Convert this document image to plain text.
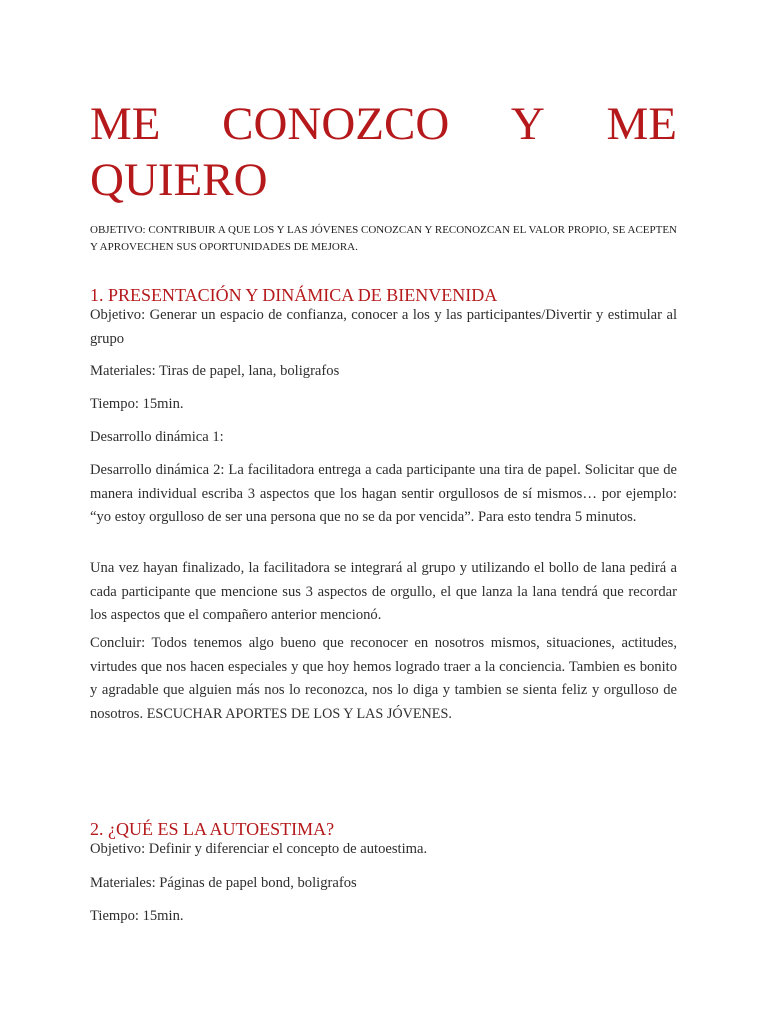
ME CONOZCO Y ME
QUIERO

OBJETIVO: CONTRIBUIR A QUE LOS Y LAS JÓVENES CONOZCAN Y RECONOZCAN EL VALOR PROPIO, SE ACEPTEN Y APROVECHEN SUS OPORTUNIDADES DE MEJORA.

1. PRESENTACIÓN Y DINÁMICA DE BIENVENIDA

Objetivo: Generar un espacio de confianza, conocer a los y las participantes/Divertir y estimular al grupo

Materiales: Tiras de papel, lana, boligrafos

Tiempo: 15min.

Desarrollo dinámica 1:

Desarrollo dinámica 2: La facilitadora entrega a cada participante una tira de papel. Solicitar que de manera individual escriba 3 aspectos que los hagan sentir orgullosos de sí mismos… por ejemplo: “yo estoy orgulloso de ser una persona que no se da por vencida”. Para esto tendra 5 minutos.

Una vez hayan finalizado, la facilitadora se integrará al grupo y utilizando el bollo de lana pedirá a cada participante que mencione sus 3 aspectos de orgullo, el que lanza la lana tendrá que recordar los aspectos que el compañero anterior mencionó.

Concluir: Todos tenemos algo bueno que reconocer en nosotros mismos, situaciones, actitudes, virtudes que nos hacen especiales y que hoy hemos logrado traer a la conciencia. Tambien es bonito y agradable que alguien más nos lo reconozca, nos lo diga y tambien se sienta feliz y orgulloso de nosotros. ESCUCHAR APORTES DE LOS Y LAS JÓVENES.

2. ¿QUÉ ES LA AUTOESTIMA?

Objetivo: Definir y diferenciar el concepto de autoestima.

Materiales: Páginas de papel bond, boligrafos

Tiempo: 15min.
